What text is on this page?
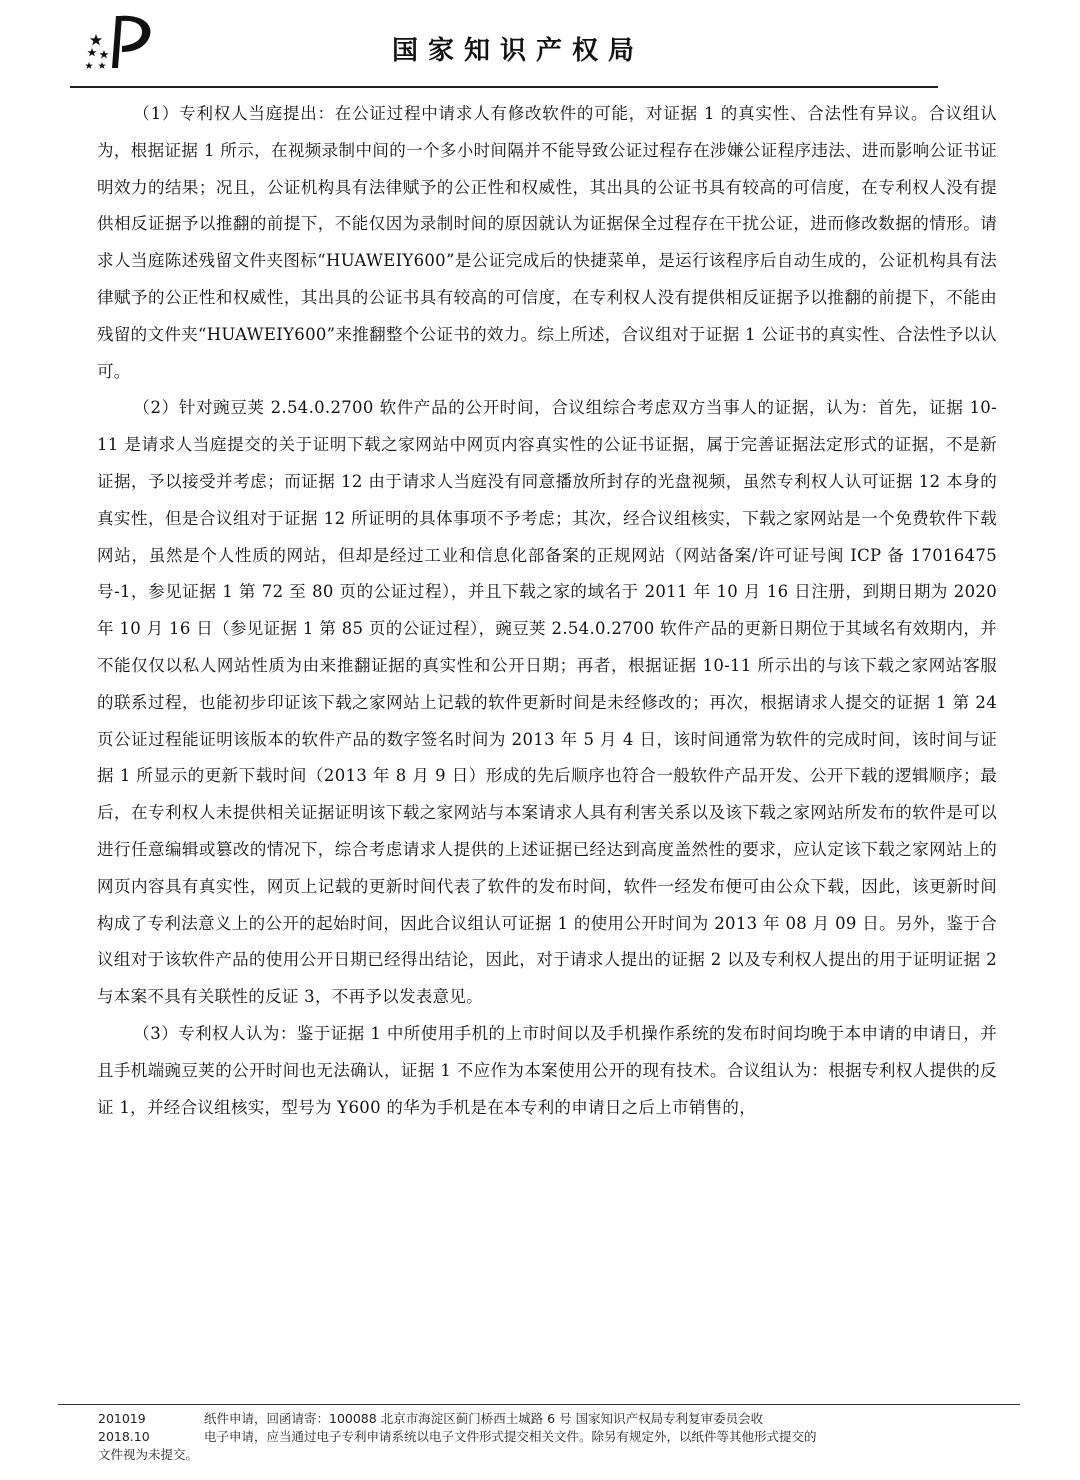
国家知识产权局

（1）专利权人当庭提出：在公证过程中请求人有修改软件的可能，对证据 1 的真实性、合法性有异议。合议组认为，根据证据 1 所示，在视频录制中间的一个多小时间隔并不能导致公证过程存在涉嫌公证程序违法、进而影响公证书证明效力的结果；况且，公证机构具有法律赋予的公正性和权威性，其出具的公证书具有较高的可信度，在专利权人没有提供相反证据予以推翻的前提下，不能仅因为录制时间的原因就认为证据保全过程存在干扰公证，进而修改数据的情形。请求人当庭陈述残留文件夹图标“HUAWEIY600”是公证完成后的快捷菜单，是运行该程序后自动生成的，公证机构具有法律赋予的公正性和权威性，其出具的公证书具有较高的可信度，在专利权人没有提供相反证据予以推翻的前提下，不能由残留的文件夹“HUAWEIY600”来推翻整个公证书的效力。综上所述，合议组对于证据 1 公证书的真实性、合法性予以认可。

（2）针对豌豆荚 2.54.0.2700 软件产品的公开时间，合议组综合考虑双方当事人的证据，认为：首先，证据 10-11 是请求人当庭提交的关于证明下载之家网站中网页内容真实性的公证书证据，属于完善证据法定形式的证据，不是新证据，予以接受并考虑；而证据 12 由于请求人当庭没有同意播放所封存的光盘视频，虽然专利权人认可证据 12 本身的真实性，但是合议组对于证据 12 所证明的具体事项不予考虑；其次，经合议组核实，下载之家网站是一个免费软件下载网站，虽然是个人性质的网站，但却是经过工业和信息化部备案的正规网站（网站备案/许可证号闽 ICP 备 17016475 号-1，参见证据 1 第 72 至 80 页的公证过程），并且下载之家的域名于 2011 年 10 月 16 日注册，到期日期为 2020 年 10 月 16 日（参见证据 1 第 85 页的公证过程），豌豆荚 2.54.0.2700 软件产品的更新日期位于其域名有效期内，并不能仅仅以私人网站性质为由来推翻证据的真实性和公开日期；再者，根据证据 10-11 所示出的与该下载之家网站客服的联系过程，也能初步印证该下载之家网站上记载的软件更新时间是未经修改的；再次，根据请求人提交的证据 1 第 24 页公证过程能证明该版本的软件产品的数字签名时间为 2013 年 5 月 4 日，该时间通常为软件的完成时间，该时间与证据 1 所显示的更新下载时间（2013 年 8 月 9 日）形成的先后顺序也符合一般软件产品开发、公开下载的逻辑顺序；最后，在专利权人未提供相关证据证明该下载之家网站与本案请求人具有利害关系以及该下载之家网站所发布的软件是可以进行任意编辑或篡改的情况下，综合考虑请求人提供的上述证据已经达到高度盖然性的要求，应认定该下载之家网站上的网页内容具有真实性，网页上记载的更新时间代表了软件的发布时间，软件一经发布便可由公众下载，因此，该更新时间构成了专利法意义上的公开的起始时间，因此合议组认可证据 1 的使用公开时间为 2013 年 08 月 09 日。另外，鉴于合议组对于该软件产品的使用公开日期已经得出结论，因此，对于请求人提出的证据 2 以及专利权人提出的用于证明证据 2 与本案不具有关联性的反证 3，不再予以发表意见。

（3）专利权人认为：鉴于证据 1 中所使用手机的上市时间以及手机操作系统的发布时间均晚于本申请的申请日，并且手机端豌豆荚的公开时间也无法确认，证据 1 不应作为本案使用公开的现有技术。合议组认为：根据专利权人提供的反证 1，并经合议组核实，型号为 Y600 的华为手机是在本专利的申请日之后上市销售的，

201019	纸件申请，回函请寄：100088 北京市海淀区蓟门桥西土城路 6 号 国家知识产权局专利复审委员会收
2018.10	电子申请，应当通过电子专利申请系统以电子文件形式提交相关文件。除另有规定外，以纸件等其他形式提交的

文件视为未提交。
